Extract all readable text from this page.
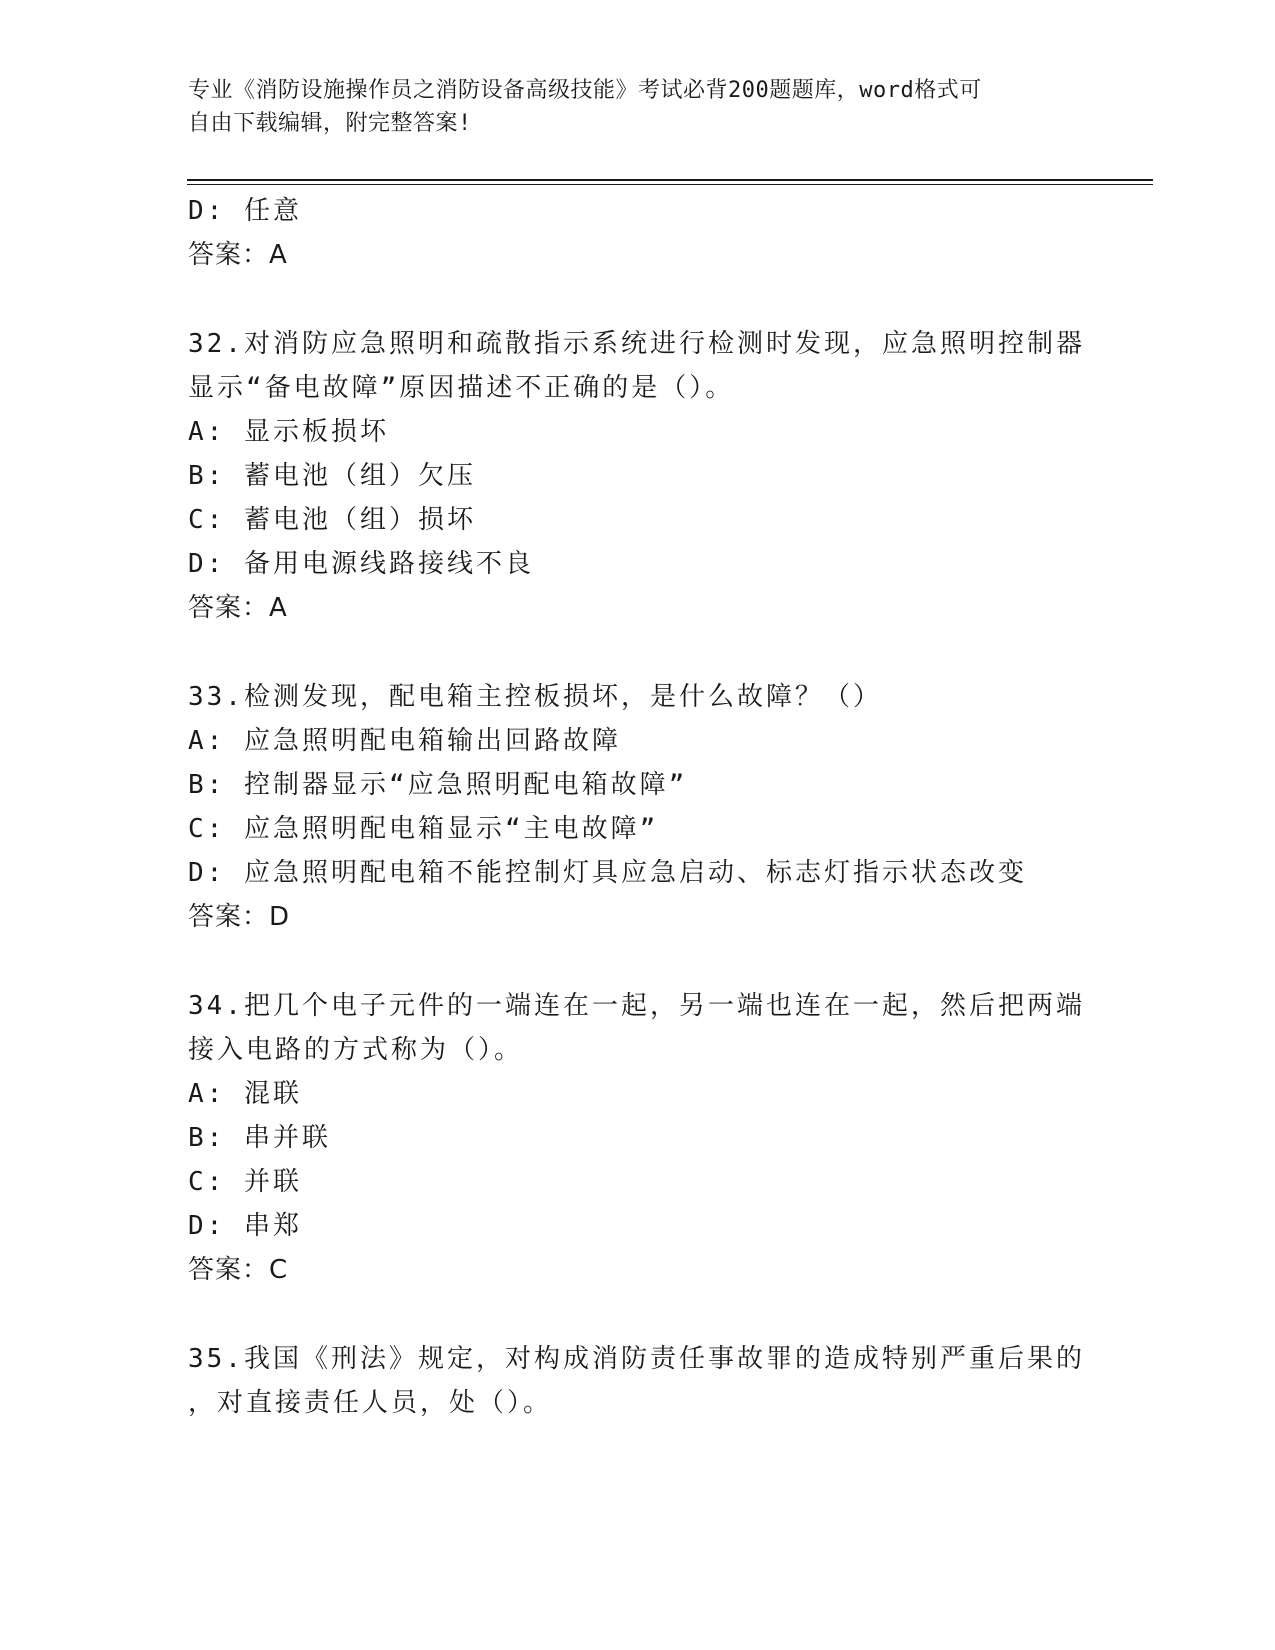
专业《消防设施操作员之消防设备高级技能》考试必背200题题库，word格式可
自由下载编辑，附完整答案!
D: 任意
答案：A
32.对消防应急照明和疏散指示系统进行检测时发现，应急照明控制器
显示“备电故障”原因描述不正确的是（）。
A: 显示板损坏
B: 蓄电池（组）欠压
C: 蓄电池（组）损坏
D: 备用电源线路接线不良
答案：A
33.检测发现，配电箱主控板损坏，是什么故障？（）
A: 应急照明配电箱输出回路故障
B: 控制器显示“应急照明配电箱故障”
C: 应急照明配电箱显示“主电故障”
D: 应急照明配电箱不能控制灯具应急启动、标志灯指示状态改变
答案：D
34.把几个电子元件的一端连在一起，另一端也连在一起，然后把两端
接入电路的方式称为（）。
A: 混联
B: 串并联
C: 并联
D: 串郑
答案：C
35.我国《刑法》规定，对构成消防责任事故罪的造成特别严重后果的
，对直接责任人员，处（）。
